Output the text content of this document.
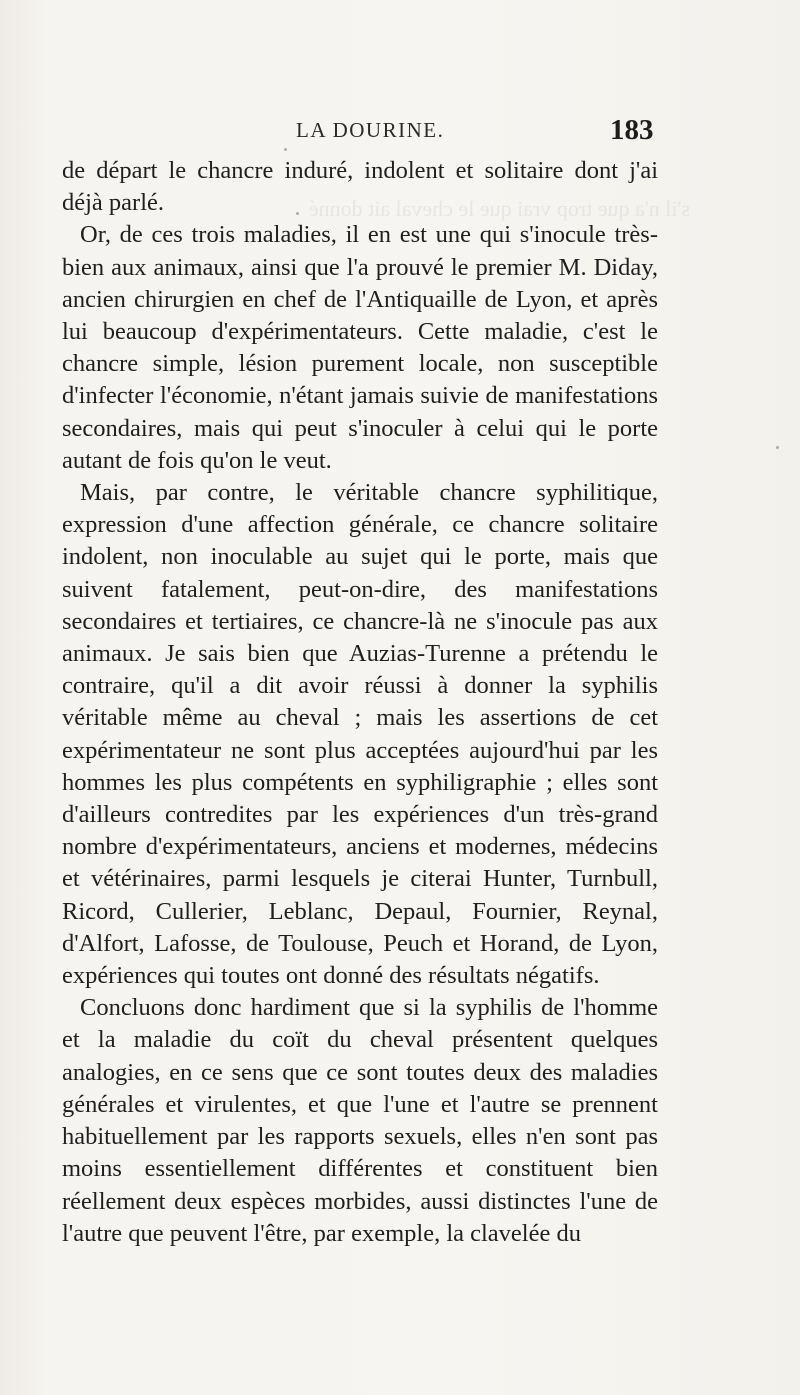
s'il n'a que trop vrai que le cheval ait donné
LA DOURINE.	183

de départ le chancre induré, indolent et solitaire dont j'ai déjà parlé.

Or, de ces trois maladies, il en est une qui s'inocule très-bien aux animaux, ainsi que l'a prouvé le premier M. Diday, ancien chirurgien en chef de l'Antiquaille de Lyon, et après lui beaucoup d'expérimentateurs. Cette maladie, c'est le chancre simple, lésion purement locale, non susceptible d'infecter l'économie, n'étant jamais suivie de manifestations secondaires, mais qui peut s'inoculer à celui qui le porte autant de fois qu'on le veut.

Mais, par contre, le véritable chancre syphilitique, expression d'une affection générale, ce chancre solitaire indolent, non inoculable au sujet qui le porte, mais que suivent fatalement, peut-on-dire, des manifestations secondaires et tertiaires, ce chancre-là ne s'inocule pas aux animaux. Je sais bien que Auzias-Turenne a prétendu le contraire, qu'il a dit avoir réussi à donner la syphilis véritable même au cheval ; mais les assertions de cet expérimentateur ne sont plus acceptées aujourd'hui par les hommes les plus compétents en syphiligraphie ; elles sont d'ailleurs contredites par les expériences d'un très-grand nombre d'expérimentateurs, anciens et modernes, médecins et vétérinaires, parmi lesquels je citerai Hunter, Turnbull, Ricord, Cullerier, Leblanc, Depaul, Fournier, Reynal, d'Alfort, Lafosse, de Toulouse, Peuch et Horand, de Lyon, expériences qui toutes ont donné des résultats négatifs.

Concluons donc hardiment que si la syphilis de l'homme et la maladie du coït du cheval présentent quelques analogies, en ce sens que ce sont toutes deux des maladies générales et virulentes, et que l'une et l'autre se prennent habituellement par les rapports sexuels, elles n'en sont pas moins essentiellement différentes et constituent bien réellement deux espèces morbides, aussi distinctes l'une de l'autre que peuvent l'être, par exemple, la clavelée du
